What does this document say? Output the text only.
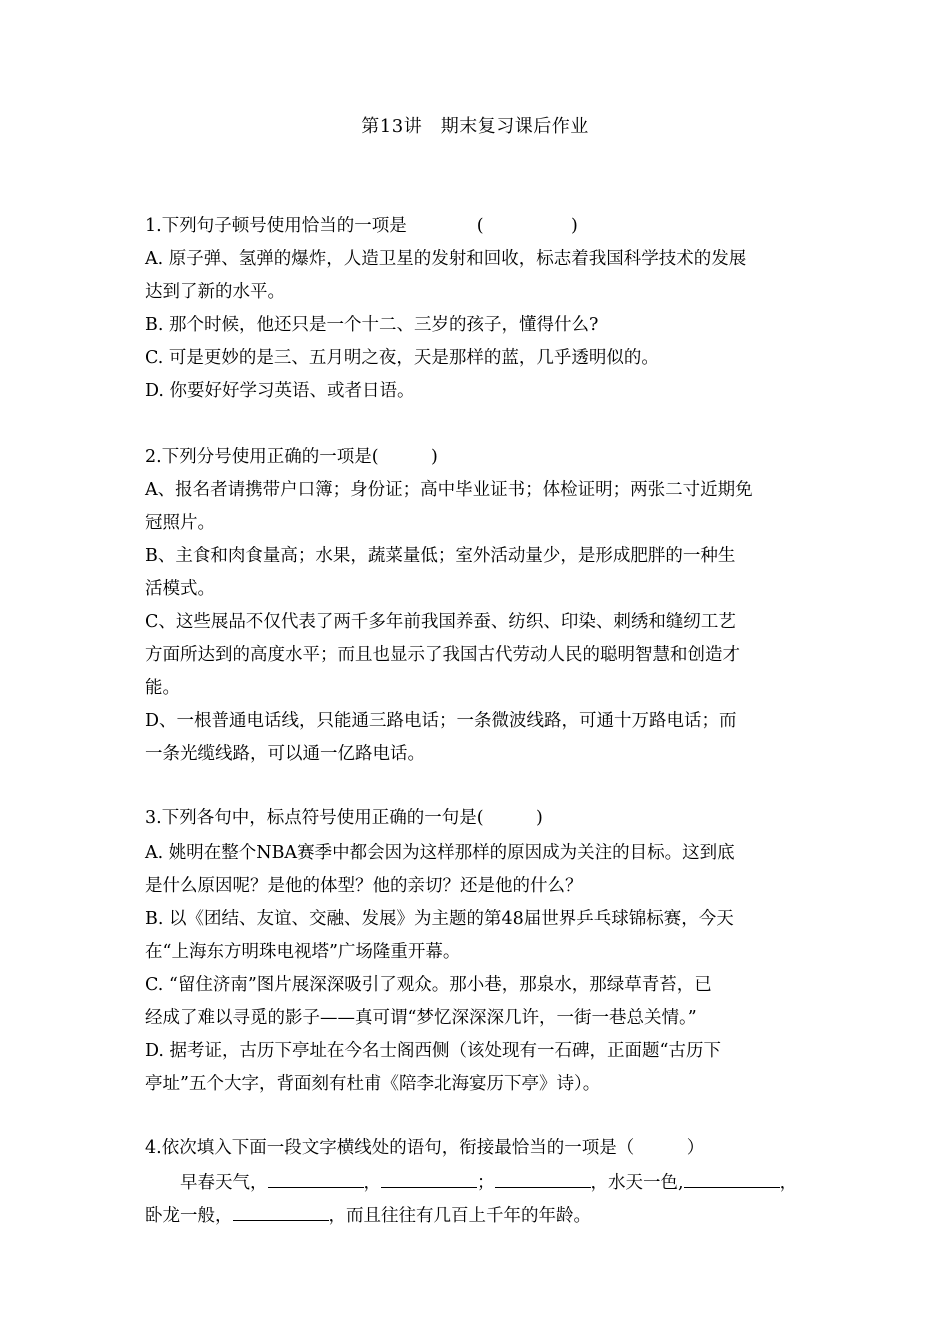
第13讲　期末复习课后作业
1.下列句子顿号使用恰当的一项是　　　　(　　　　　)
A. 原子弹、氢弹的爆炸，人造卫星的发射和回收，标志着我国科学技术的发展
达到了新的水平。
B. 那个时候，他还只是一个十二、三岁的孩子，懂得什么?
C. 可是更妙的是三、五月明之夜，天是那样的蓝，几乎透明似的。
D. 你要好好学习英语、或者日语。
2.下列分号使用正确的一项是(　　　)
A、报名者请携带户口簿；身份证；高中毕业证书；体检证明；两张二寸近期免
冠照片。
B、主食和肉食量高；水果，蔬菜量低；室外活动量少，是形成肥胖的一种生
活模式。
C、这些展品不仅代表了两千多年前我国养蚕、纺织、印染、刺绣和缝纫工艺
方面所达到的高度水平；而且也显示了我国古代劳动人民的聪明智慧和创造才
能。
D、一根普通电话线，只能通三路电话；一条微波线路，可通十万路电话；而
一条光缆线路，可以通一亿路电话。
3.下列各句中，标点符号使用正确的一句是(　　　)
A. 姚明在整个NBA赛季中都会因为这样那样的原因成为关注的目标。这到底
是什么原因呢？是他的体型？他的亲切？还是他的什么？
B. 以《团结、友谊、交融、发展》为主题的第48届世界乒乓球锦标赛，今天
在“上海东方明珠电视塔”广场隆重开幕。
C. “留住济南”图片展深深吸引了观众。那小巷，那泉水，那绿草青苔，已
经成了难以寻觅的影子——真可谓“梦忆深深深几许，一街一巷总关情。”
D. 据考证，古历下亭址在今名士阁西侧（该处现有一石碑，正面题“古历下
亭址”五个大字，背面刻有杜甫《陪李北海宴历下亭》诗）。
4.依次填入下面一段文字横线处的语句，衔接最恰当的一项是（　　　）
　　早春天气，	，	；	，水天一色,	，
卧龙一般，	，而且往往有几百上千年的年龄。
